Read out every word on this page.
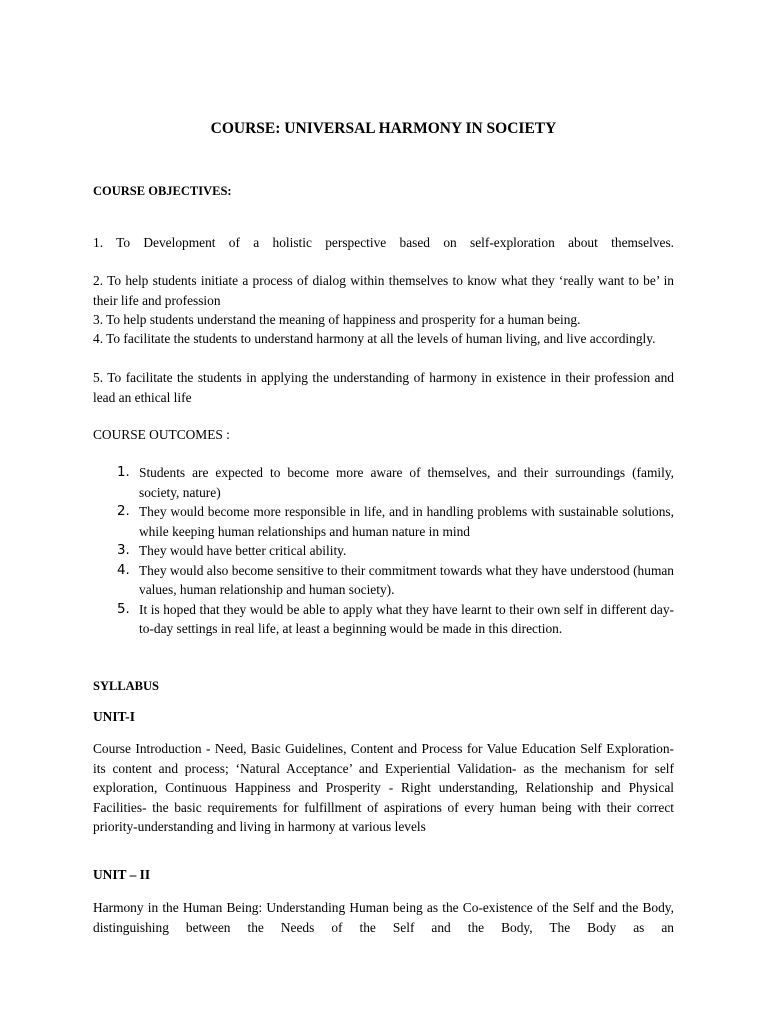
COURSE: UNIVERSAL HARMONY IN SOCIETY
COURSE OBJECTIVES:

1. To Development of a holistic perspective based on self-exploration about themselves.

2. To help students initiate a process of dialog within themselves to know what they ‘really want to be’ in their life and profession

3. To help students understand the meaning of happiness and prosperity for a human being.

4. To facilitate the students to understand harmony at all the levels of human living, and live accordingly.

5. To facilitate the students in applying the understanding of harmony in existence in their profession and lead an ethical life

COURSE OUTCOMES :
1. Students are expected to become more aware of themselves, and their surroundings (family, society, nature)
2. They would become more responsible in life, and in handling problems with sustainable solutions, while keeping human relationships and human nature in mind
3. They would have better critical ability.
4. They would also become sensitive to their commitment towards what they have understood (human values, human relationship and human society).
5. It is hoped that they would be able to apply what they have learnt to their own self in different day-to-day settings in real life, at least a beginning would be made in this direction.
SYLLABUS
UNIT-I

Course Introduction - Need, Basic Guidelines, Content and Process for Value Education Self Exploration- its content and process; ‘Natural Acceptance’ and Experiential Validation- as the mechanism for self exploration, Continuous Happiness and Prosperity - Right understanding, Relationship and Physical Facilities- the basic requirements for fulfillment of aspirations of every human being with their correct priority-understanding and living in harmony at various levels

UNIT – II

Harmony in the Human Being: Understanding Human being as the Co-existence of the Self and the Body, distinguishing between the Needs of the Self and the Body, The Body as an
